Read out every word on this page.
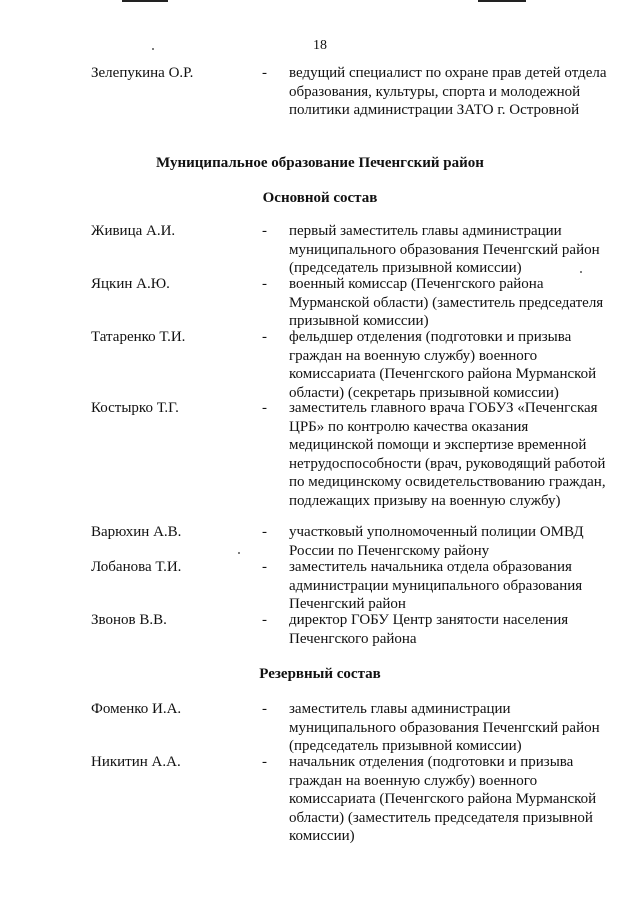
18
Зелепукина О.Р.	- ведущий специалист по охране прав детей отдела образования, культуры, спорта и молодежной политики администрации ЗАТО г. Островной
Муниципальное образование Печенгский район
Основной состав
Живица А.И.	- первый заместитель главы администрации муниципального образования Печенгский район (председатель призывной комиссии)
Яцкин А.Ю.	- военный комиссар (Печенгского района Мурманской области) (заместитель председателя призывной комиссии)
Татаренко Т.И.	- фельдшер отделения (подготовки и призыва граждан на военную службу) военного комиссариата (Печенгского района Мурманской области) (секретарь призывной комиссии)
Костырко Т.Г.	- заместитель главного врача ГОБУЗ «Печенгская ЦРБ» по контролю качества оказания медицинской помощи и экспертизе временной нетрудоспособности (врач, руководящий работой по медицинскому освидетельствованию граждан, подлежащих призыву на военную службу)
Варюхин А.В.	- участковый уполномоченный полиции ОМВД России по Печенгскому району
Лобанова Т.И.	- заместитель начальника отдела образования администрации муниципального образования Печенгский район
Звонов В.В.	- директор ГОБУ Центр занятости населения Печенгского района
Резервный состав
Фоменко И.А.	- заместитель главы администрации муниципального образования Печенгский район (председатель призывной комиссии)
Никитин А.А.	- начальник отделения (подготовки и призыва граждан на военную службу) военного комиссариата (Печенгского района Мурманской области) (заместитель председателя призывной комиссии)
